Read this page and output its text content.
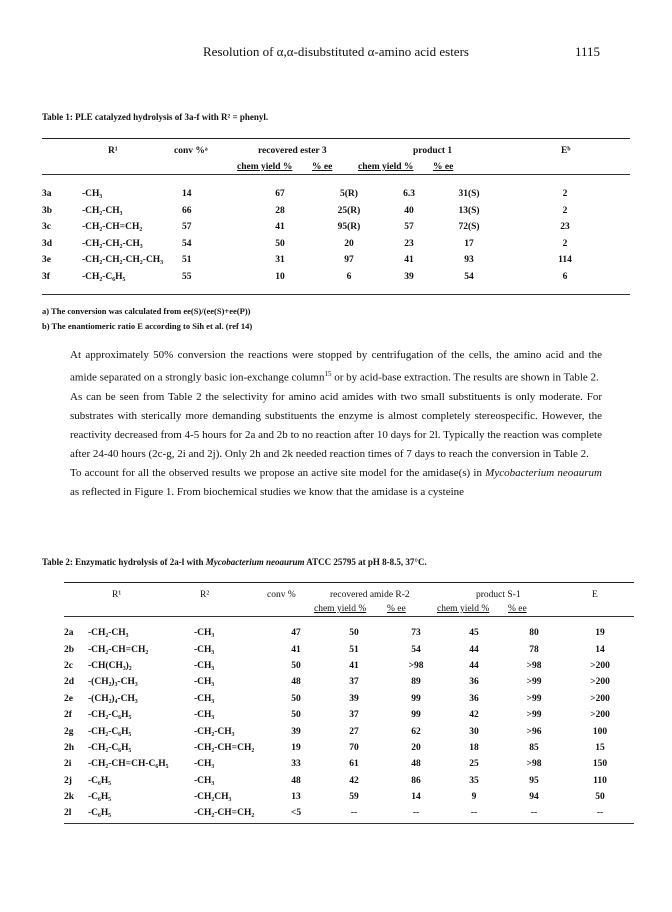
Resolution of α,α-disubstituted α-amino acid esters	1115
Table 1: PLE catalyzed hydrolysis of 3a-f with R² = phenyl.
R¹	conv %ᵃ	recovered ester 3	product 1	Eᵇ
chem yield % % ee	chem yield % % ee
3a	-CH₃	14	67	5(R)	6.3	31(S)	2
3b	-CH₂-CH₃	66	28	25(R)	40	13(S)	2
3c	-CH₂-CH=CH₂	57	41	95(R)	57	72(S)	23
3d	-CH₂-CH₂-CH₃	54	50	20	23	17	2
3e	-CH₂-CH₂-CH₂-CH₃	51	31	97	41	93	114
3f	-CH₂-C₆H₅	55	10	6	39	54	6
a) The conversion was calculated from ee(S)/(ee(S)+ee(P))
b) The enantiomeric ratio E according to Sih et al. (ref 14)

At approximately 50% conversion the reactions were stopped by centrifugation of the cells, the amino acid and the amide separated on a strongly basic ion-exchange column$^{15}$ or by acid-base extraction. The results are shown in Table 2.

As can be seen from Table 2 the selectivity for amino acid amides with two small substituents is only moderate. For substrates with sterically more demanding substituents the enzyme is almost completely stereospecific. However, the reactivity decreased from 4-5 hours for 2a and 2b to no reaction after 10 days for 2l. Typically the reaction was complete after 24-40 hours (2c-g, 2i and 2j). Only 2h and 2k needed reaction times of 7 days to reach the conversion in Table 2.

To account for all the observed results we propose an active site model for the amidase(s) in Mycobacterium neoaurum as reflected in Figure 1. From biochemical studies we know that the amidase is a cysteine

Table 2: Enzymatic hydrolysis of 2a-l with Mycobacterium neoaurum ATCC 25795 at pH 8-8.5, 37°C.
R¹	R²	conv %	recovered amide R-2	product S-1	E
chem yield % % ee	chem yield % % ee
2a	-CH₂-CH₃	-CH₃	47	50	73	45	80	19
2b	-CH₂-CH=CH₂	-CH₃	41	51	54	44	78	14
2c	-CH(CH₃)₂	-CH₃	50	41	>98	44	>98	>200
2d	-(CH₂)₃-CH₃	-CH₃	48	37	89	36	>99	>200
2e	-(CH₂)₄-CH₃	-CH₃	50	39	99	36	>99	>200
2f	-CH₂-C₆H₅	-CH₃	50	37	99	42	>99	>200
2g	-CH₂-C₆H₅	-CH₂-CH₃	39	27	62	30	>96	100
2h	-CH₂-C₆H₅	-CH₂-CH=CH₂	19	70	20	18	85	15
2i	-CH₂-CH=CH-C₆H₅	-CH₃	33	61	48	25	>98	150
2j	-C₆H₅	-CH₃	48	42	86	35	95	110
2k	-C₆H₅	-CH₂CH₃	13	59	14	9	94	50
2l	-C₆H₅	-CH₂-CH=CH₂	<5	--	--	--	--	--
